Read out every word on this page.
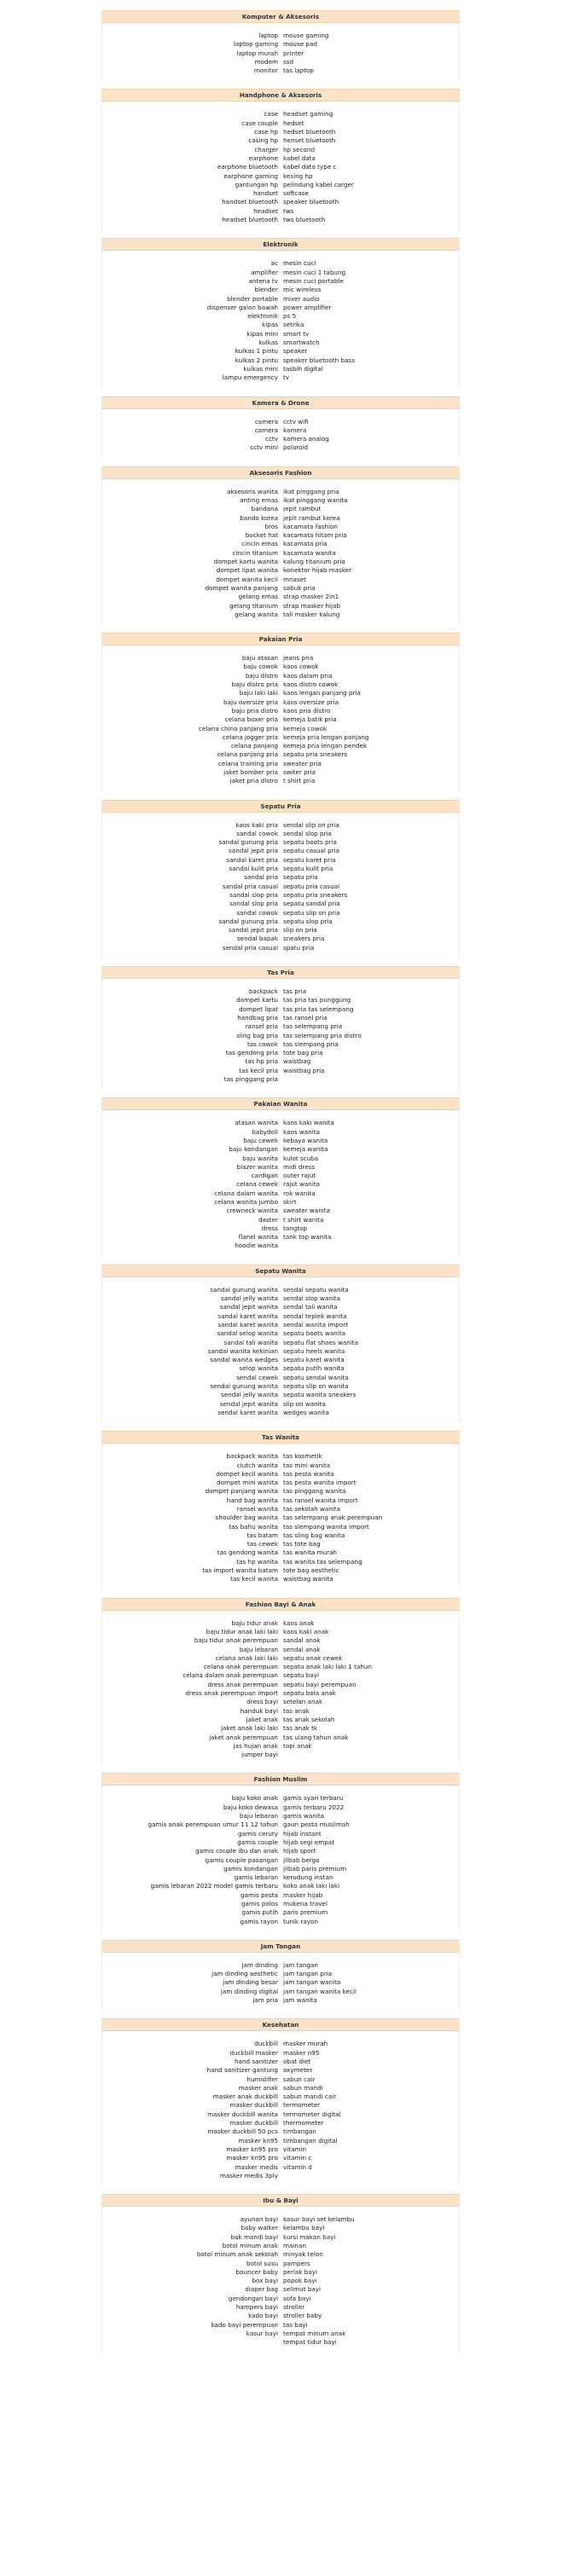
Komputer & Aksesoris
laptop
laptop gaming
laptop murah
modem
monitor
mouse gaming
mouse pad
printer
ssd
tas laptop
Handphone & Aksesoris
case
case couple
case hp
casing hp
charger
earphone
earphone bluetooth
earphone gaming
gantungan hp
handset
handset bluetooth
headset
headset bluetooth
headset gaming
hedset
hedset bluetooth
henset bluetooth
hp second
kabel data
kabel data type c
kesing hp
pelindung kabel carger
softcase
speaker bluetooth
tws
tws bluetooth
Elektronik
ac
amplifier
antena tv
blender
blender portable
dispenser galon bawah
elektronik
kipas
kipas mini
kulkas
kulkas 1 pintu
kulkas 2 pintu
kulkas mini
lampu emergency
mesin cuci
mesin cuci 1 tabung
mesin cuci portable
mic wireless
mixer audio
power amplifier
ps 5
setrika
smart tv
smartwatch
speaker
speaker bluetooth bass
tasbih digital
tv
Kamera & Drone
camera
camera
cctv
cctv mini
cctv wifi
kamera
kamera analog
polaroid
Aksesoris Fashion
aksesoris wanita
anting emas
bandana
bando korea
bros
bucket hat
cincin emas
cincin titanium
dompet kartu wanita
dompet lipat wanita
dompet wanita kecil
dompet wanita panjang
gelang emas
gelang titanium
gelang wanita
ikat pinggang pria
ikat pinggang wanita
jepit rambut
jepit rambut korea
kacamata fashion
kacamata hitam pria
kacamata pria
kacamata wanita
kalung titanium pria
konektor hijab masker
mnaset
sabuk pria
strap masker 2in1
strap masker hijab
tali masker kalung
Pakaian Pria
baju atasan
baju cowok
baju distro
baju distro pria
baju laki laki
baju oversize pria
baju pria distro
celana boxer pria
celana chino panjang pria
celana jogger pria
celana panjang
celana panjang pria
celana training pria
jaket bomber pria
jaket pria distro
jeans pria
kaos cowok
kaos dalam pria
kaos distro cowok
kaos lengan panjang pria
kaos oversize pria
kaos pria distro
kemeja batik pria
kemeja cowok
kemeja pria lengan panjang
kemeja pria lengan pendek
sepatu pria sneakers
sweater pria
switer pria
t shirt pria
Sepatu Pria
kaos kaki pria
sandal cowok
sandal gunung pria
sandal jepit pria
sandal karet pria
sandal kulit pria
sandal pria
sandal pria casual
sandal slop pria
sandal slop pria
sandal cowok
sandal gunung pria
sandal jepit pria
sendal bapak
sendal pria casual
sendal slip on pria
sendal slop pria
sepatu boots pria
sepatu casual pria
sepatu karet pria
sepatu kulit pria
sepatu pria
sepatu pria casual
sepatu pria sneakers
sepatu sandal pria
sepatu slip on pria
sepatu slop pria
slip on pria
sneakers pria
spatu pria
Tas Pria
backpack
dompet kartu
dompet lipat
handbag pria
ransel pria
sling bag pria
tas cowok
tas gendong pria
tas hp pria
tas kecil pria
tas pinggang pria
tas pria
tas pria tas punggung
tas pria tas selempang
tas ransel pria
tas selempang pria
tas selempang pria distro
tas slempang pria
tote bag pria
waistbag
waistbag pria
Pakaian Wanita
atasan wanita
babydoll
baju cewek
baju kondangan
baju wanita
blazer wanita
cardigan
celana cewek
celana dalam wanita
celana wanita jumbo
crewneck wanita
daster
dress
flanel wanita
hoodie wanita
kaos kaki wanita
kaos wanita
kebaya wanita
kemeja wanita
kulot scuba
midi dress
outer rajut
rajut wanita
rok wanita
skirt
sweater wanita
t shirt wanita
tangtop
tank top wanita
Sepatu Wanita
sandal gunung wanita
sandal jelly wanita
sandal jepit wanita
sandal karet wanita
sandal karet wanita
sandal selop wanita
sandal tali wanita
sandal wanita kekinian
sandal wanita wedges
selop wanita
sendal cewek
sendal gunung wanita
sendal jelly wanita
sendal jepit wanita
sendal karet wanita
sendal sepatu wanita
sendal slop wanita
sendal tali wanita
sendal teplek wanita
sendal wanita import
sepatu boots wanita
sepatu flat shoes wanita
sepatu heels wanita
sepatu karet wanita
sepatu putih wanita
sepatu sendal wanita
sepatu slip on wanita
sepatu wanita sneakers
slip on wanita
wedges wanita
Tas Wanita
backpack wanita
clutch wanita
dompet kecil wanita
dompet mini wanita
dompet panjang wanita
hand bag wanita
ransel wanita
shoulder bag wanita
tas bahu wanita
tas batam
tas cewek
tas gendong wanita
tas hp wanita
tas import wanita batam
tas kecil wanita
tas kosmetik
tas mini wanita
tas pesta wanita
tas pesta wanita import
tas pinggang wanita
tas ransel wanita import
tas sekolah wanita
tas selempang anak perempuan
tas slempang wanita import
tas sling bag wanita
tas tote bag
tas wanita murah
tas wanita tas selempang
tote bag aesthetic
waistbag wanita
Fashion Bayi & Anak
baju tidur anak
baju tidur anak laki laki
baju tidur anak perempuan
baju lebaran
celana anak laki laki
celana anak perempuan
celana dalam anak perempuan
dress anak perempuan
dress anak perempuan import
dress bayi
handuk bayi
jaket anak
jaket anak laki laki
jaket anak perempuan
jas hujan anak
jumper bayi
kaos anak
kaos kaki anak
sandal anak
sendal anak
sepatu anak cewek
sepatu anak laki laki 1 tahun
sepatu bayi
sepatu bayi perempuan
sepatu bola anak
setelan anak
tas anak
tas anak sekolah
tas anak tk
tas ulang tahun anak
topi anak
Fashion Muslim
baju koko anak
baju koko dewasa
baju lebaran
gamis anak perempuan umur 11 12 tahun
gamis ceruty
gamis couple
gamis couple ibu dan anak
gamis couple pasangan
gamis kondangan
gamis lebaran
gamis lebaran 2022 model gamis terbaru
gamis pesta
gamis polos
gamis putih
gamis rayon
gamis syari terbaru
gamis terbaru 2022
gamis wanita
gaun pesta muslimah
hijab instant
hijab segi empat
hijab sport
jilbab bergo
jilbab paris premium
kerudung instan
koko anak laki laki
masker hijab
mukena travel
paris premium
tunik rayon
Jam Tangan
jam dinding
jam dinding aesthetic
jam dinding besar
jam dinding digital
jam pria
jam tangan
jam tangan pria
jam tangan wanita
jam tangan wanita kecil
jam wanita
Kesehatan
duckbill
duckbill masker
hand sanitizer
hand sanitizer gantung
humidifier
masker anak
masker anak duckbill
masker duckbill
masker duckbill wanita
masker duckbill
masker duckbill 50 pcs
masker kn95
masker kn95 pro
masker kn95 pro
masker medis
masker medis 3ply
masker murah
masker n95
obat diet
oxymeter
sabun cair
sabun mandi
sabun mandi cair
termometer
termometer digital
thermometer
timbangan
timbangan digital
vitamin
vitamin c
vitamin d
Ibu & Bayi
ayunan bayi
baby walker
bak mandi bayi
botol minum anak
botol minum anak sekolah
botol susu
bouncer baby
box bayi
diaper bag
gendongan bayi
hampers bayi
kado bayi
kado bayi perempuan
kasur bayi
kasur bayi set kelambu
kelambu bayi
kursi makan bayi
mainan
minyak telon
pampers
perlak bayi
popok bayi
selimut bayi
sofa bayi
stroller
stroller baby
tas bayi
tempat minum anak
tempat tidur bayi
